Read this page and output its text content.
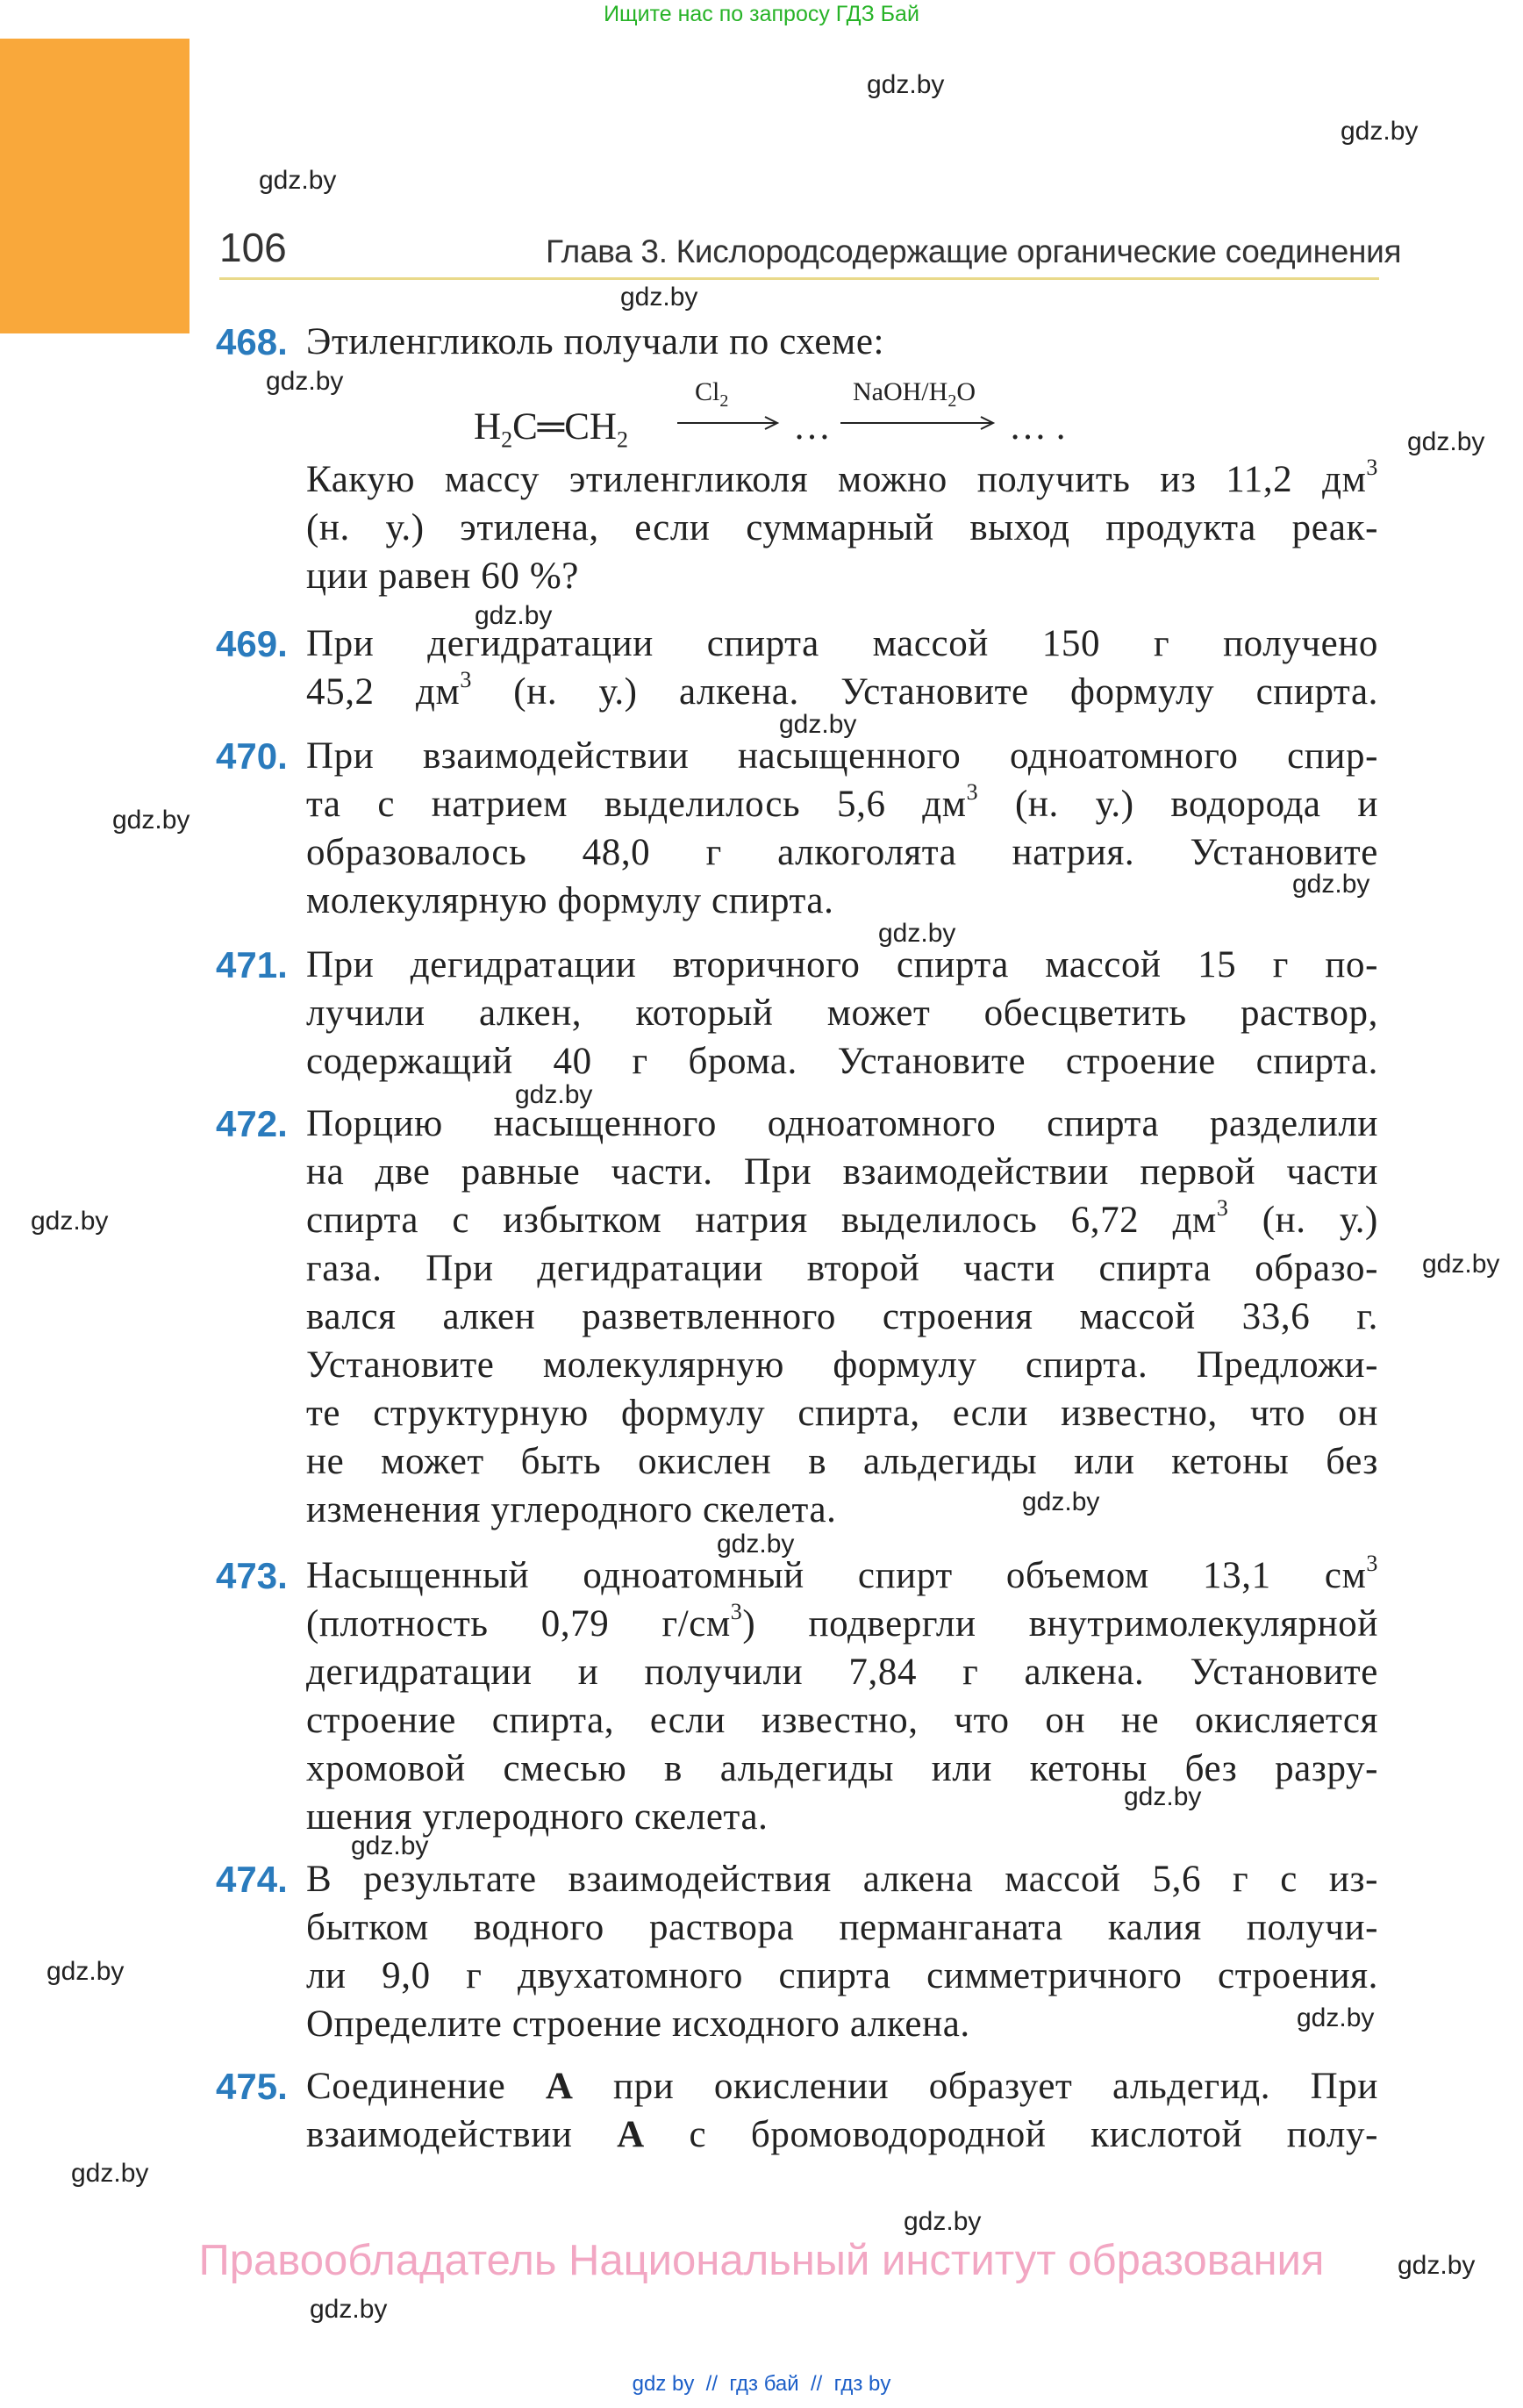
Ищите нас по запросу ГДЗ Бай
gdz.by
gdz.by
gdz.by
gdz.by
gdz.by
gdz.by
gdz.by
gdz.by
gdz.by
gdz.by
gdz.by
gdz.by
gdz.by
gdz.by
gdz.by
gdz.by
gdz.by
gdz.by
gdz.by
gdz.by
gdz.by
gdz.by
gdz.by
gdz.by
106	Глава 3. Кислородсодержащие органические соединения
468. Этиленгликоль получали по схеме:
$H_2C═CH_2$
$Cl_2$
→ …
NaOH/$H_2O$
… .
Какую массу этиленгликоля можно получить из 11,2 $дм^3$
(н. у.) этилена, если суммарный выход продукта реак-
ции равен 60 %?
469. При дегидратации спирта массой 150 г получено
45,2 $дм^3$ (н. у.) алкена. Установите формулу спирта.
470. При взаимодействии насыщенного одноатомного спир-
та с натрием выделилось 5,6 $дм^3$ (н. у.) водорода и
образовалось 48,0 г алкоголята натрия. Установите
молекулярную формулу спирта.
471. При дегидратации вторичного спирта массой 15 г по-
лучили алкен, который может обесцветить раствор,
содержащий 40 г брома. Установите строение спирта.
472. Порцию насыщенного одноатомного спирта разделили
на две равные части. При взаимодействии первой части
спирта с избытком натрия выделилось 6,72 $дм^3$ (н. у.)
газа. При дегидратации второй части спирта образо-
вался алкен разветвленного строения массой 33,6 г.
Установите молекулярную формулу спирта. Предложи-
те структурную формулу спирта, если известно, что он
не может быть окислен в альдегиды или кетоны без
изменения углеродного скелета.
473. Насыщенный одноатомный спирт объемом 13,1 $см^3$
(плотность 0,79 $г/см^3$) подвергли внутримолекулярной
дегидратации и получили 7,84 г алкена. Установите
строение спирта, если известно, что он не окисляется
хромовой смесью в альдегиды или кетоны без разру-
шения углеродного скелета.
474. В результате взаимодействия алкена массой 5,6 г с из-
бытком водного раствора перманганата калия получи-
ли 9,0 г двухатомного спирта симметричного строения.
Определите строение исходного алкена.
475. Соединение A при окислении образует альдегид. При
взаимодействии A с бромоводородной кислотой полу-
Правообладатель Национальный институт образования
gdz by  //  гдз бай  //  гдз by
